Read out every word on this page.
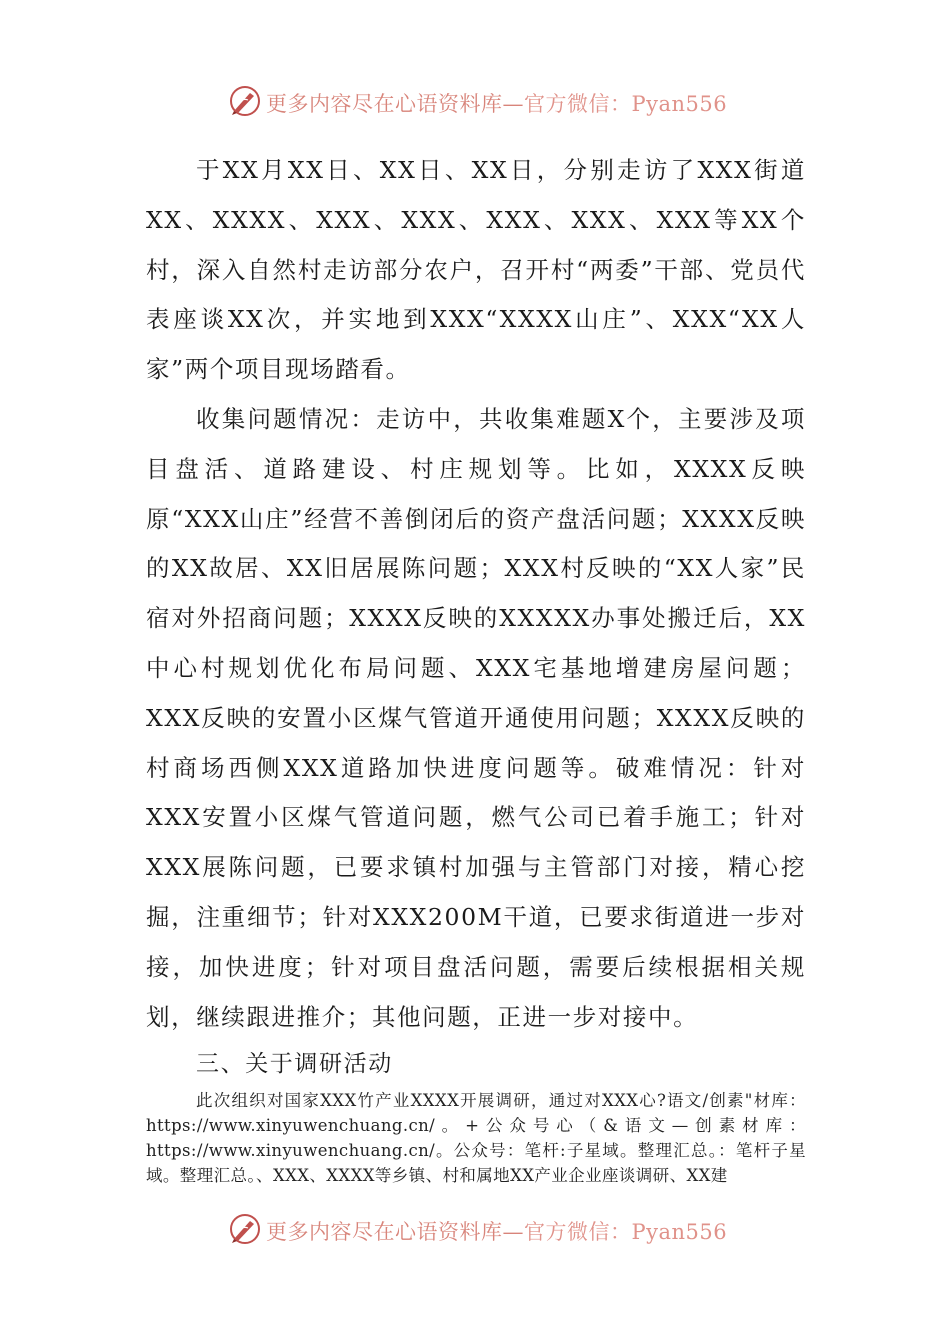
更多内容尽在心语资料库—官方微信：Pyan556

于XX月XX日、XX日、XX日，分别走访了XXX街道XX、XXXX、XXX、XXX、XXX、XXX、XXX等XX个村，深入自然村走访部分农户，召开村“两委”干部、党员代表座谈XX次，并实地到XXX“XXXX山庄”、XXX“XX人家”两个项目现场踏看。

收集问题情况：走访中，共收集难题X个，主要涉及项目盘活、道路建设、村庄规划等。比如，XXXX反映原“XXX山庄”经营不善倒闭后的资产盘活问题；XXXX反映的XX故居、XX旧居展陈问题；XXX村反映的“XX人家”民宿对外招商问题；XXXX反映的XXXXX办事处搬迁后，XX中心村规划优化布局问题、XXX宅基地增建房屋问题；XXX反映的安置小区煤气管道开通使用问题；XXXX反映的村商场西侧XXX道路加快进度问题等。破难情况：针对XXX安置小区煤气管道问题，燃气公司已着手施工；针对XXX展陈问题，已要求镇村加强与主管部门对接，精心挖掘，注重细节；针对XXX200M干道，已要求街道进一步对接，加快进度；针对项目盘活问题，需要后续根据相关规划，继续跟进推介；其他问题，正进一步对接中。

三、关于调研活动

此次组织对国家XXX竹产业XXXX开展调研，通过对XXX心?语文/创素"材库：https://www.xinyuwenchuang.cn/。+公众号心（&语文—创素材库：https://www.xinyuwenchuang.cn/。公众号：笔杆:子星域。整理汇总。：笔杆子星域。整理汇总。、XXX、XXXX等乡镇、村和属地XX产业企业座谈调研、XX建

更多内容尽在心语资料库—官方微信：Pyan556
